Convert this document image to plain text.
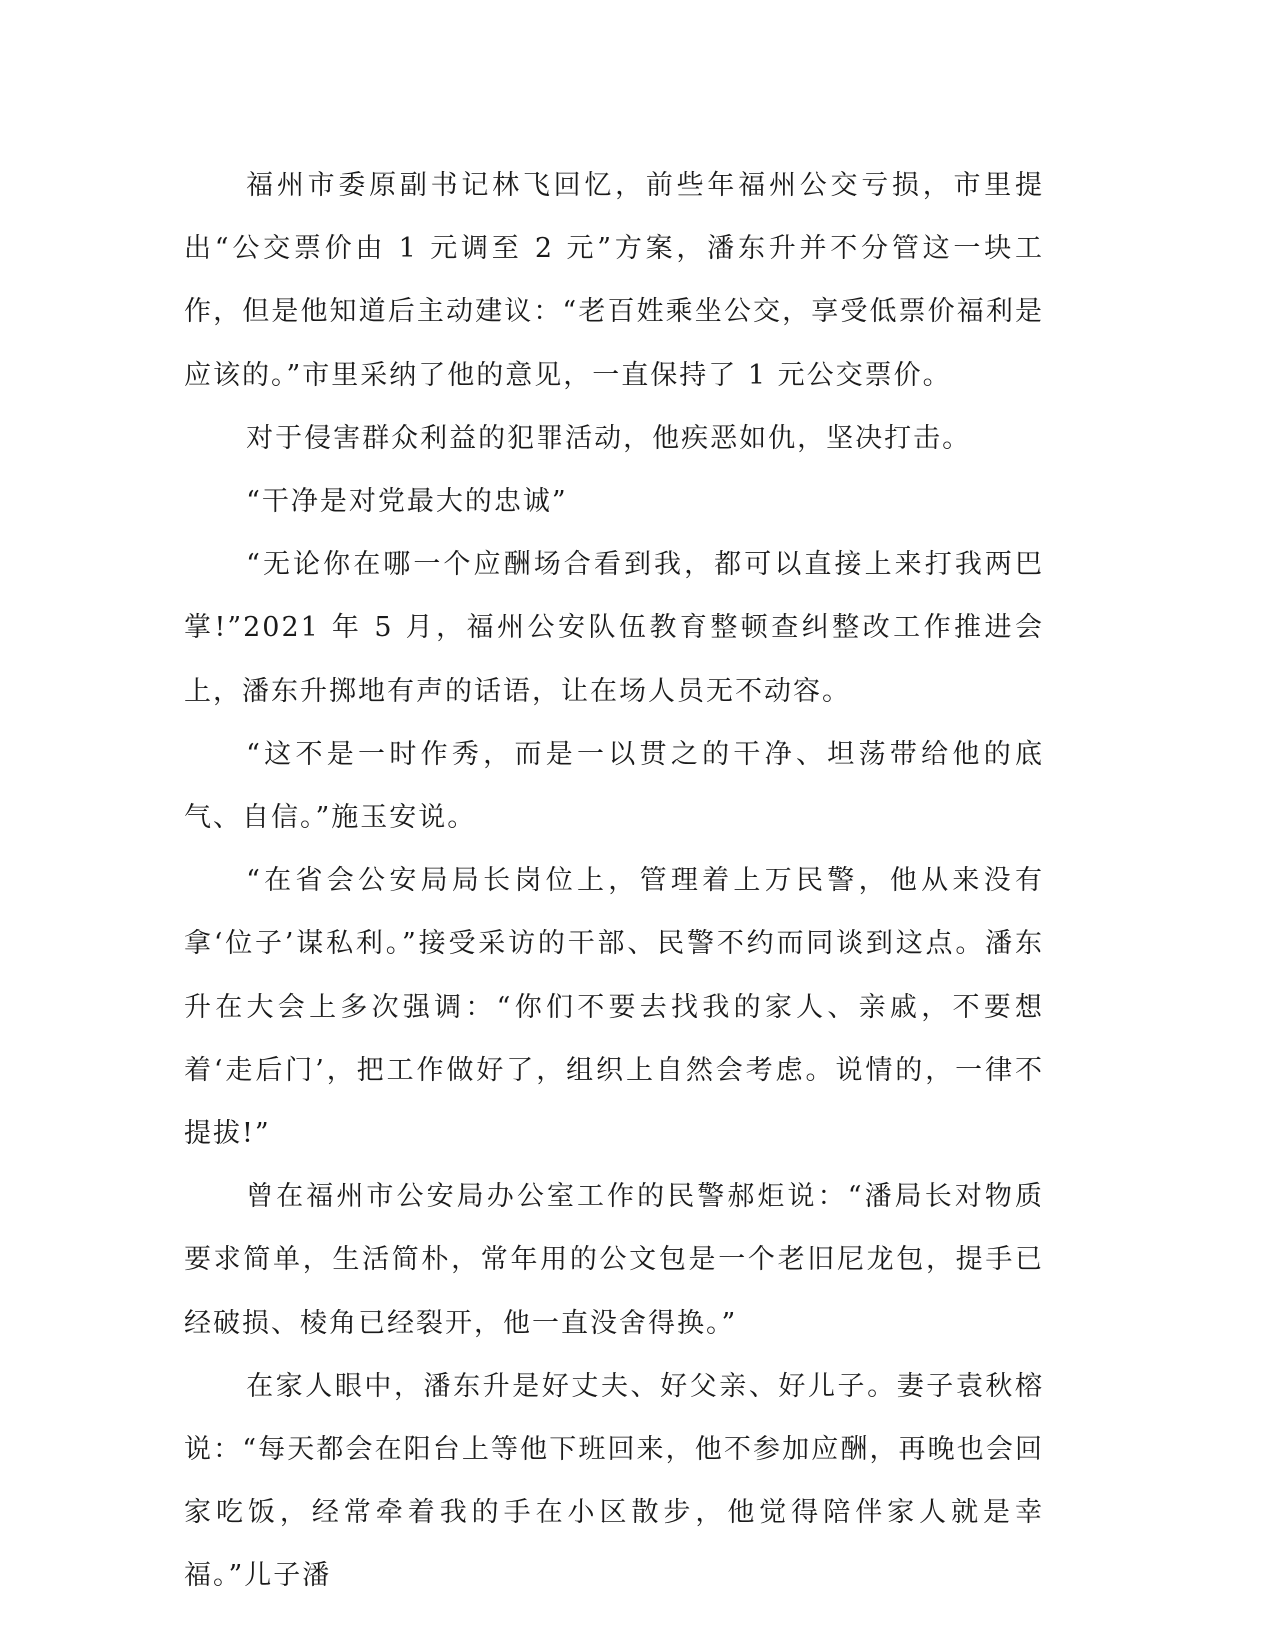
福州市委原副书记林飞回忆，前些年福州公交亏损，市里提出“公交票价由 1 元调至 2 元”方案，潘东升并不分管这一块工作，但是他知道后主动建议：“老百姓乘坐公交，享受低票价福利是应该的。”市里采纳了他的意见，一直保持了 1 元公交票价。

对于侵害群众利益的犯罪活动，他疾恶如仇，坚决打击。

“干净是对党最大的忠诚”

“无论你在哪一个应酬场合看到我，都可以直接上来打我两巴掌!”2021 年 5 月，福州公安队伍教育整顿查纠整改工作推进会上，潘东升掷地有声的话语，让在场人员无不动容。

“这不是一时作秀，而是一以贯之的干净、坦荡带给他的底气、自信。”施玉安说。

“在省会公安局局长岗位上，管理着上万民警，他从来没有拿‘位子’谋私利。”接受采访的干部、民警不约而同谈到这点。潘东升在大会上多次强调：“你们不要去找我的家人、亲戚，不要想着‘走后门’，把工作做好了，组织上自然会考虑。说情的，一律不提拔!”

曾在福州市公安局办公室工作的民警郝炬说：“潘局长对物质要求简单，生活简朴，常年用的公文包是一个老旧尼龙包，提手已经破损、棱角已经裂开，他一直没舍得换。”

在家人眼中，潘东升是好丈夫、好父亲、好儿子。妻子袁秋榕说：“每天都会在阳台上等他下班回来，他不参加应酬，再晚也会回家吃饭，经常牵着我的手在小区散步，他觉得陪伴家人就是幸福。”儿子潘
